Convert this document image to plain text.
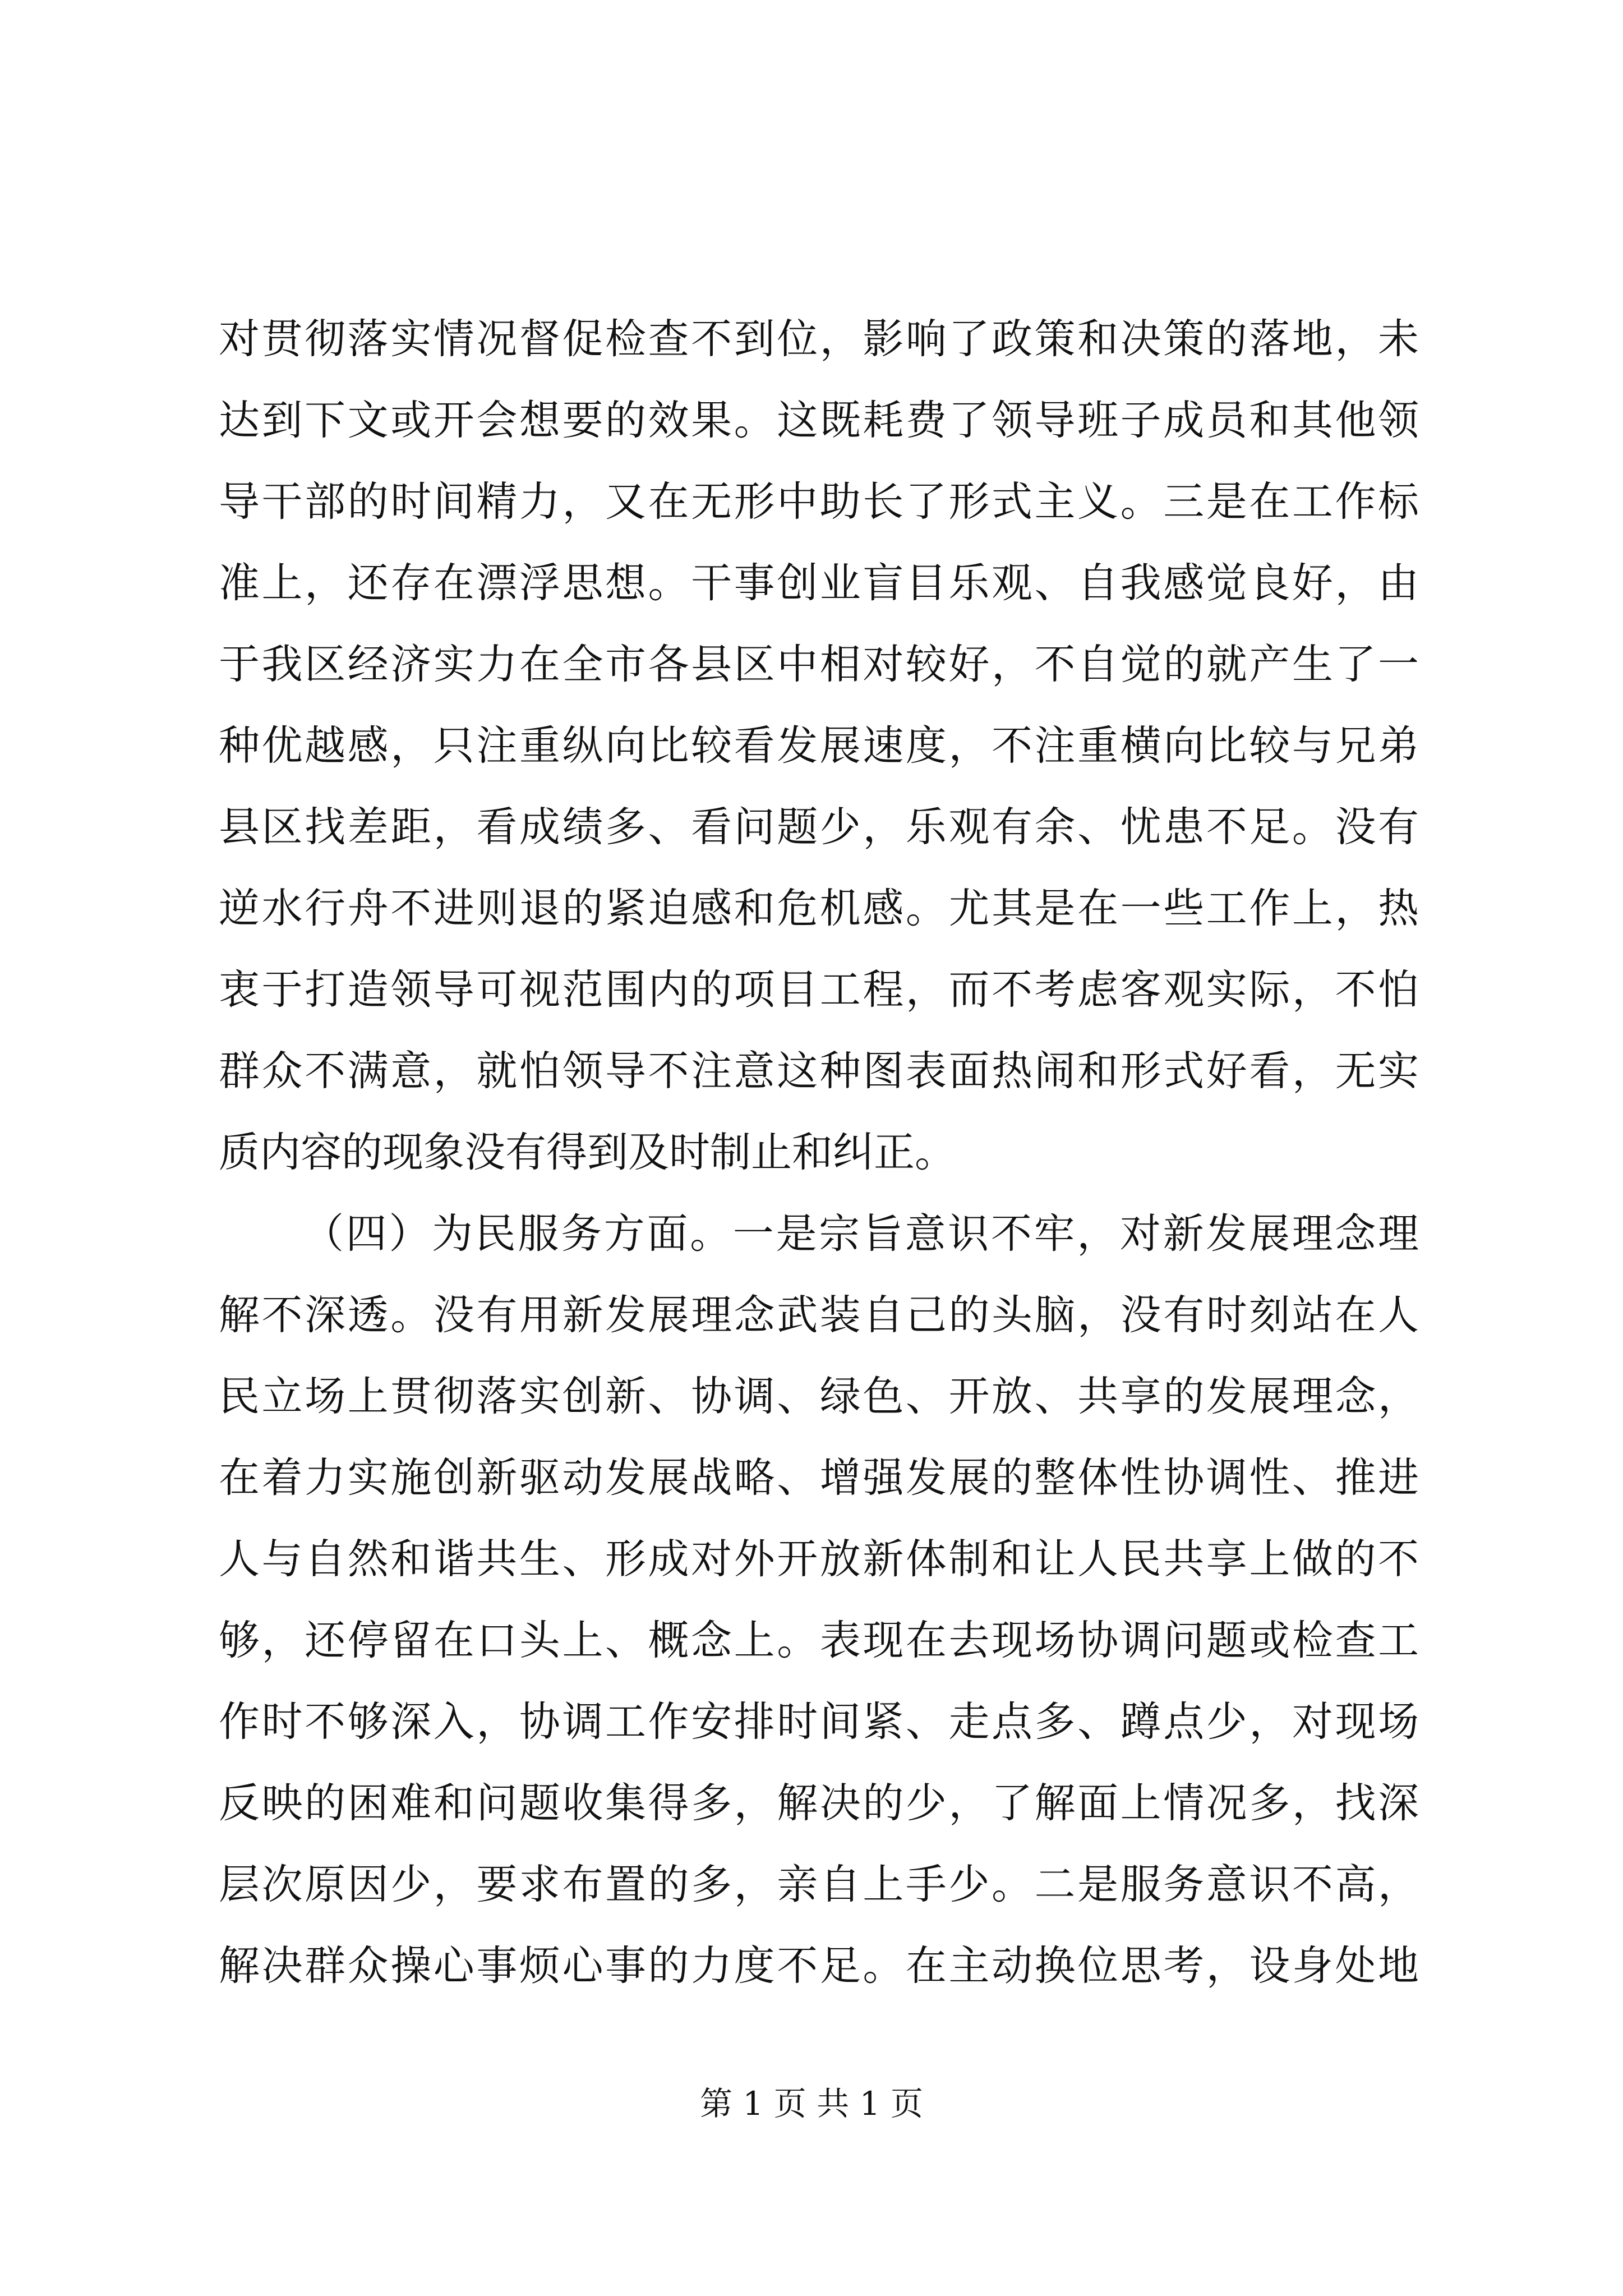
对贯彻落实情况督促检查不到位，影响了政策和决策的落地，未
达到下文或开会想要的效果。这既耗费了领导班子成员和其他领
导干部的时间精力，又在无形中助长了形式主义。三是在工作标
准上，还存在漂浮思想。干事创业盲目乐观、自我感觉良好，由
于我区经济实力在全市各县区中相对较好，不自觉的就产生了一
种优越感，只注重纵向比较看发展速度，不注重横向比较与兄弟
县区找差距，看成绩多、看问题少，乐观有余、忧患不足。没有
逆水行舟不进则退的紧迫感和危机感。尤其是在一些工作上，热
衷于打造领导可视范围内的项目工程，而不考虑客观实际，不怕
群众不满意，就怕领导不注意这种图表面热闹和形式好看，无实
质内容的现象没有得到及时制止和纠正。
（四）为民服务方面。一是宗旨意识不牢，对新发展理念理
解不深透。没有用新发展理念武装自己的头脑，没有时刻站在人
民立场上贯彻落实创新、协调、绿色、开放、共享的发展理念，
在着力实施创新驱动发展战略、增强发展的整体性协调性、推进
人与自然和谐共生、形成对外开放新体制和让人民共享上做的不
够，还停留在口头上、概念上。表现在去现场协调问题或检查工
作时不够深入，协调工作安排时间紧、走点多、蹲点少，对现场
反映的困难和问题收集得多，解决的少，了解面上情况多，找深
层次原因少，要求布置的多，亲自上手少。二是服务意识不高，
解决群众操心事烦心事的力度不足。在主动换位思考，设身处地
第 1 页 共 1 页
